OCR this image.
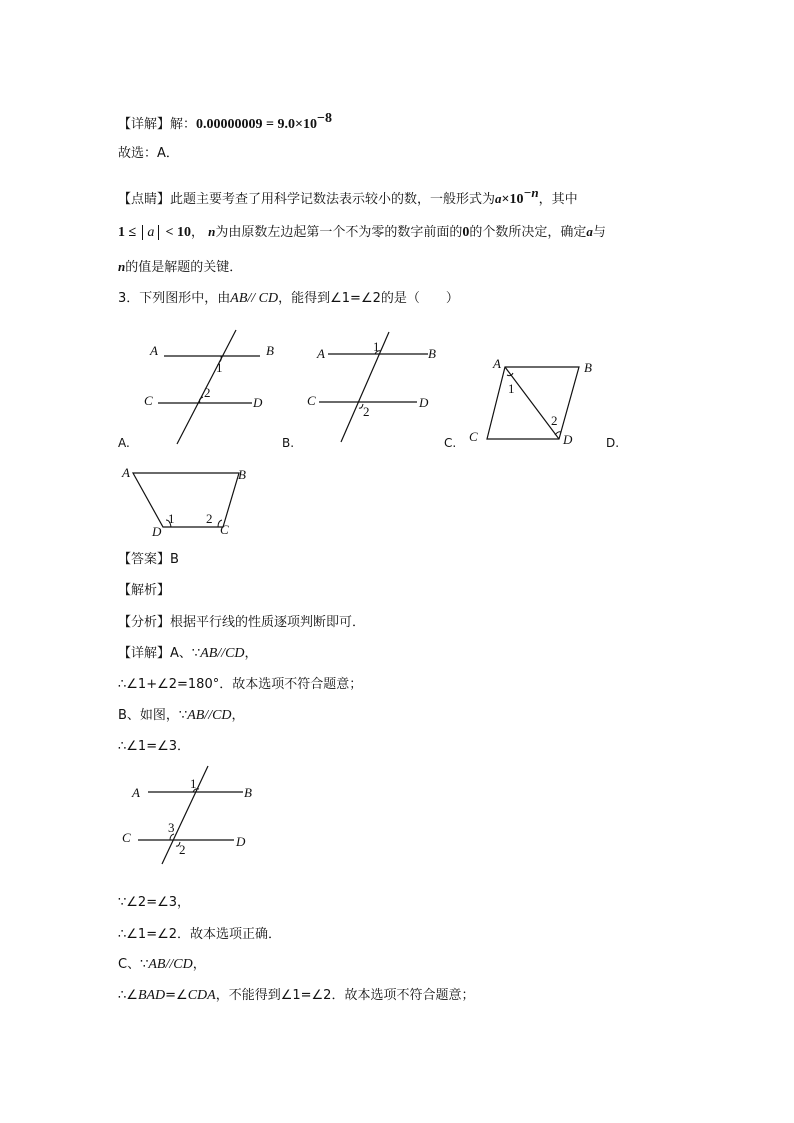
【详解】解：$0.00000009 = 9.0\times 10^{-8}$
故选：A．
【点睛】此题主要考查了用科学记数法表示较小的数，一般形式为$a\times 10^{-n}$，其中
1 ≤ a < 10， n为由原数左边起第一个不为零的数字前面的0的个数所决定，确定a与
n的值是解题的关键．
3．下列图形中，由AB// CD，能得到∠1=∠2的是（　　）
A	B
C	D
1
2
A.
A	B
C	D
1
2
B.
A	B
C	D
1
2
C.	D.
A	B
C
D
1 2
【答案】B
【解析】
【分析】根据平行线的性质逐项判断即可．
【详解】A、∵AB//CD，
∴∠1+∠2=180°．故本选项不符合题意；
B、如图，∵AB//CD，
∴∠1=∠3．
A	B
C	D
1
2
3
∵∠2=∠3，
∴∠1=∠2．故本选项正确．
C、∵AB//CD，
∴∠BAD=∠CDA，不能得到∠1=∠2．故本选项不符合题意；
